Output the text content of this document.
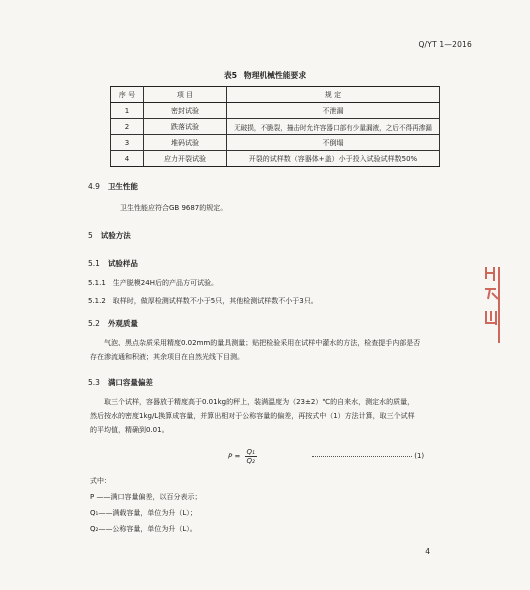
Q/YT 1—2016
表5 物理机械性能要求
序 号	项 目	规 定
1	密封试验	不泄漏
2	跌落试验	无破损，不脆裂，撞击时允许容器口部有少量漏液，之后不得再渗漏
3	堆码试验	不倒塌
4	应力开裂试验	开裂的试样数（容器体+盖）小于投入试验试样数50%
4.9 卫生性能
卫生性能应符合GB 9687的规定。
5 试验方法
5.1 试验样品
5.1.1　生产脱模24H后的产品方可试验。
5.1.2　取样时，做厚检测试样数不小于5只，其他检测试样数不小于3只。
5.2 外观质量
气泡、黑点杂质采用精度0.02mm的量具测量；贴把检验采用在试样中灌水的方法，检查提手内部是否
存在渗流通和积液；其余项目在自然光线下目测。
5.3 满口容量偏差
取三个试样，容器放于精度高于0.01kg的秤上，装满温度为（23±2）℃的自来水，测定水的质量，
然后按水的密度1kg/L换算成容量，并算出相对于公称容量的偏差，再按式中（1）方法计算，取三个试样
的平均值，精确到0.01。
$P = \frac{\text{Q₁}}{\text{Q₂}}$	(1)
式中：
P ——满口容量偏差，以百分表示；
Q₁——满载容量，单位为升（L）；
Q₂——公称容量，单位为升（L）。
4
